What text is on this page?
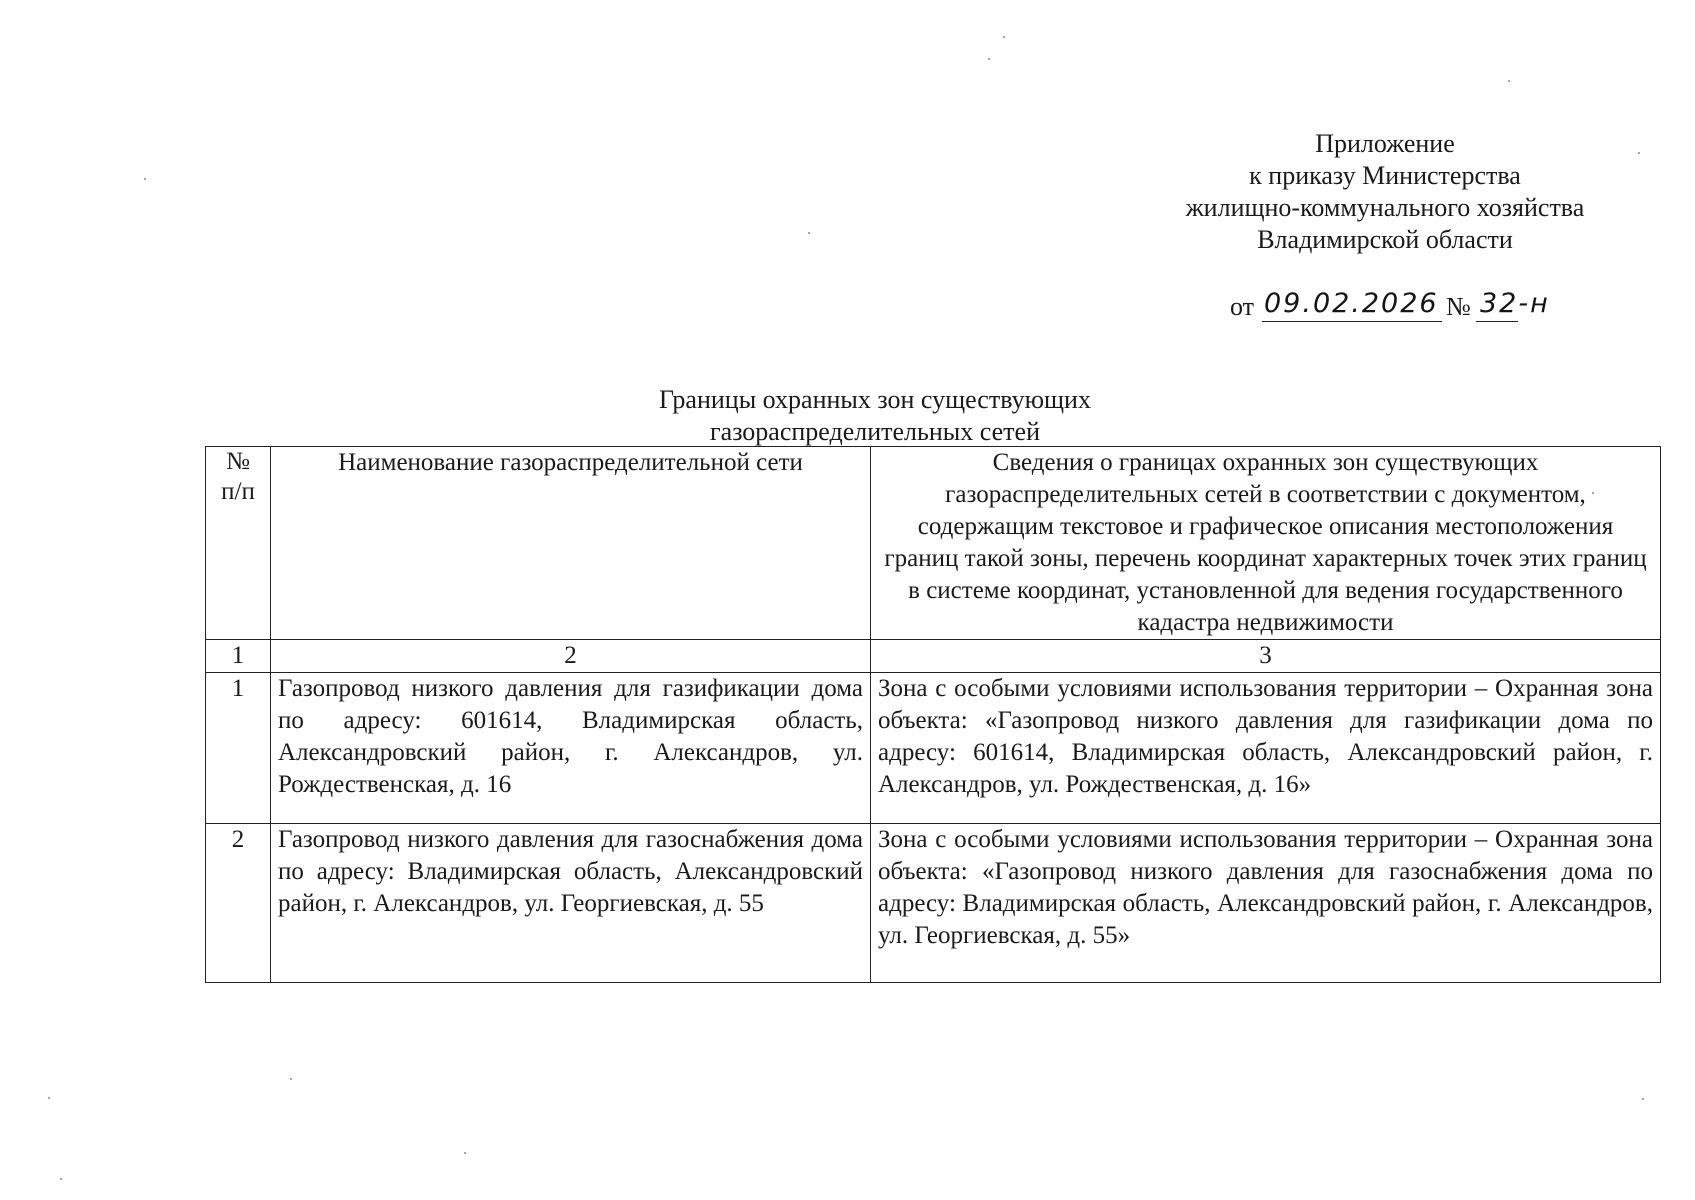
Приложение
к приказу Министерства
жилищно-коммунального хозяйства
Владимирской области
от 09.02.2026 № 32-н
Границы охранных зон существующих
газораспределительных сетей
№
п/п	Наименование газораспределительной сети	Сведения о границах охранных зон существующих газораспределительных сетей в соответствии с документом, содержащим текстовое и графическое описания местоположения границ такой зоны, перечень координат характерных точек этих границ в системе координат, установленной для ведения государственного кадастра недвижимости
1	2	3
1	Газопровод низкого давления для газификации дома по адресу: 601614, Владимирская область, Александровский район, г. Александров, ул. Рождественская, д. 16	Зона с особыми условиями использования территории – Охранная зона объекта: «Газопровод низкого давления для газификации дома по адресу: 601614, Владимирская область, Александровский район, г. Александров, ул. Рождественская, д. 16»
2	Газопровод низкого давления для газоснабжения дома по адресу: Владимирская область, Александровский район, г. Александров, ул. Георгиевская, д. 55	Зона с особыми условиями использования территории – Охранная зона объекта: «Газопровод низкого давления для газоснабжения дома по адресу: Владимирская область, Александровский район, г. Александров, ул. Георгиевская, д. 55»
